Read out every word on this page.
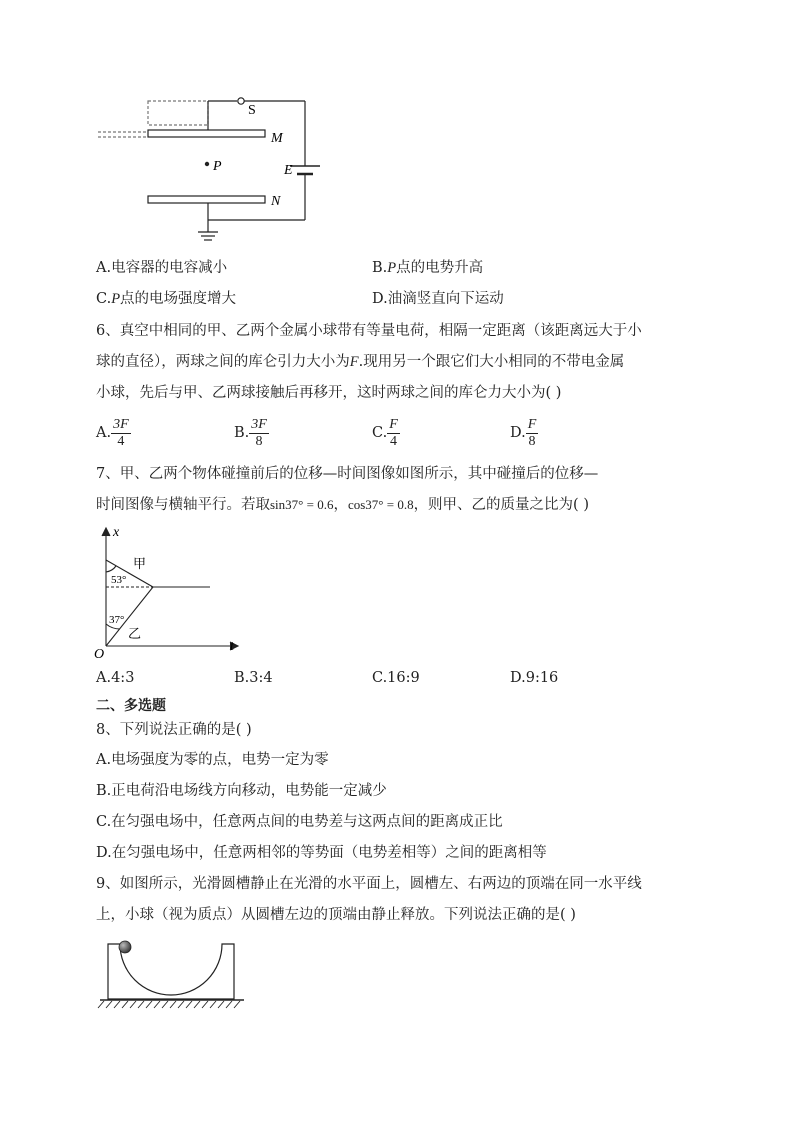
S
M
P	E
N
A.电容器的电容减小	B.P点的电势升高
C.P点的电场强度增大	D.油滴竖直向下运动
6、真空中相同的甲、乙两个金属小球带有等量电荷，相隔一定距离（该距离远大于小
球的直径），两球之间的库仑引力大小为F.现用另一个跟它们大小相同的不带电金属
小球，先后与甲、乙两球接触后再移开，这时两球之间的库仑力大小为( )
A. $\frac{3F}{4}$	B. $\frac{3F}{8}$	C. $\frac{F}{4}$	D. $\frac{F}{8}$
7、甲、乙两个物体碰撞前后的位移—时间图像如图所示，其中碰撞后的位移—
时间图像与横轴平行。若取sin37° = 0.6，cos37° = 0.8，则甲、乙的质量之比为( )
x
t
O
甲
53°
37°
乙
A.4:3	B.3:4	C.16:9	D.9:16
二、多选题
8、下列说法正确的是( )
A.电场强度为零的点，电势一定为零
B.正电荷沿电场线方向移动，电势能一定减少
C.在匀强电场中，任意两点间的电势差与这两点间的距离成正比
D.在匀强电场中，任意两相邻的等势面（电势差相等）之间的距离相等
9、如图所示，光滑圆槽静止在光滑的水平面上，圆槽左、右两边的顶端在同一水平线
上，小球（视为质点）从圆槽左边的顶端由静止释放。下列说法正确的是( )
